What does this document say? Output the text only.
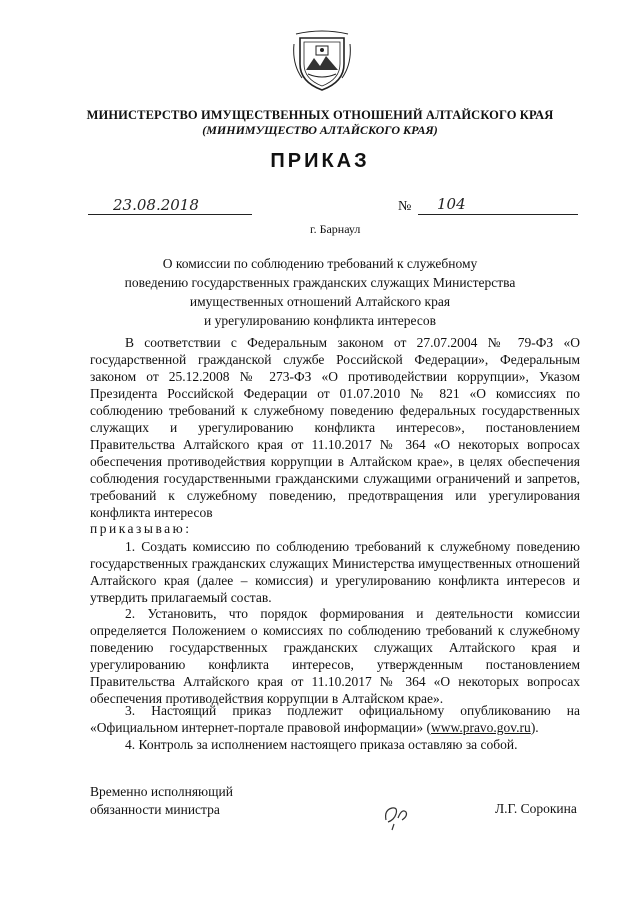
МИНИСТЕРСТВО ИМУЩЕСТВЕННЫХ ОТНОШЕНИЙ АЛТАЙСКОГО КРАЯ
(МИНИМУЩЕСТВО АЛТАЙСКОГО КРАЯ)
ПРИКАЗ
23.08.2018	№ 104
г. Барнаул
О комиссии по соблюдению требований к служебному
поведению государственных гражданских служащих Министерства
имущественных отношений Алтайского края
и урегулированию конфликта интересов
В соответствии с Федеральным законом от 27.07.2004 № 79-ФЗ «О государственной гражданской службе Российской Федерации», Федеральным законом от 25.12.2008 № 273-ФЗ «О противодействии коррупции», Указом Президента Российской Федерации от 01.07.2010 № 821 «О комиссиях по соблюдению требований к служебному поведению федеральных государственных служащих и урегулированию конфликта интересов», постановлением Правительства Алтайского края от 11.10.2017 № 364 «О некоторых вопросах обеспечения противодействия коррупции в Алтайском крае», в целях обеспечения соблюдения государственными гражданскими служащими ограничений и запретов, требований к служебному поведению, предотвращения или урегулирования конфликта интересов
приказываю:
1. Создать комиссию по соблюдению требований к служебному поведению государственных гражданских служащих Министерства имущественных отношений Алтайского края (далее – комиссия) и урегулированию конфликта интересов и утвердить прилагаемый состав.
2. Установить, что порядок формирования и деятельности комиссии определяется Положением о комиссиях по соблюдению требований к служебному поведению государственных гражданских служащих Алтайского края и урегулированию конфликта интересов, утвержденным постановлением Правительства Алтайского края от 11.10.2017 № 364 «О некоторых вопросах обеспечения противодействия коррупции в Алтайском крае».
3. Настоящий приказ подлежит официальному опубликованию на «Официальном интернет-портале правовой информации» (www.pravo.gov.ru).
4. Контроль за исполнением настоящего приказа оставляю за собой.
Временно исполняющий
обязанности министра	Л.Г. Сорокина
